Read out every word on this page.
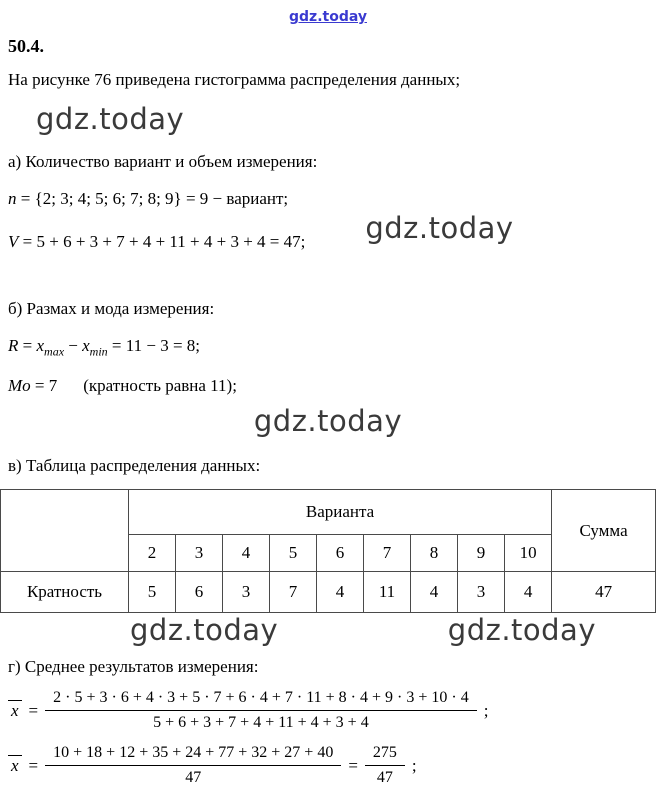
gdz.today
50.4.
На рисунке 76 приведена гистограмма распределения данных;
gdz.today
а) Количество вариант и объем измерения:
n = {2; 3; 4; 5; 6; 7; 8; 9} = 9 − вариант;
V = 5 + 6 + 3 + 7 + 4 + 11 + 4 + 3 + 4 = 47; gdz.today
б) Размах и мода измерения:
$R = x_{max} - x_{min} = 11 - 3 = 8$;
Mo = 7 (кратность равна 11);
gdz.today
в) Таблица распределения данных:
	Варианта									Сумма
	2	3	4	5	6	7	8	9	10	
Кратность	5	6	3	7	4	11	4	3	4	47
gdz.today	gdz.today
г) Среднее результатов измерения:
x =
2 · 5 + 3 · 6 + 4 · 3 + 5 · 7 + 6 · 4 + 7 · 11 + 8 · 4 + 9 · 3 + 10 · 4
5 + 6 + 3 + 7 + 4 + 11 + 4 + 3 + 4
;
$x = \frac{10 + 18 + 12 + 35 + 24 + 77 + 32 + 27 + 40}{47} = \frac{275}{47}$ ;
